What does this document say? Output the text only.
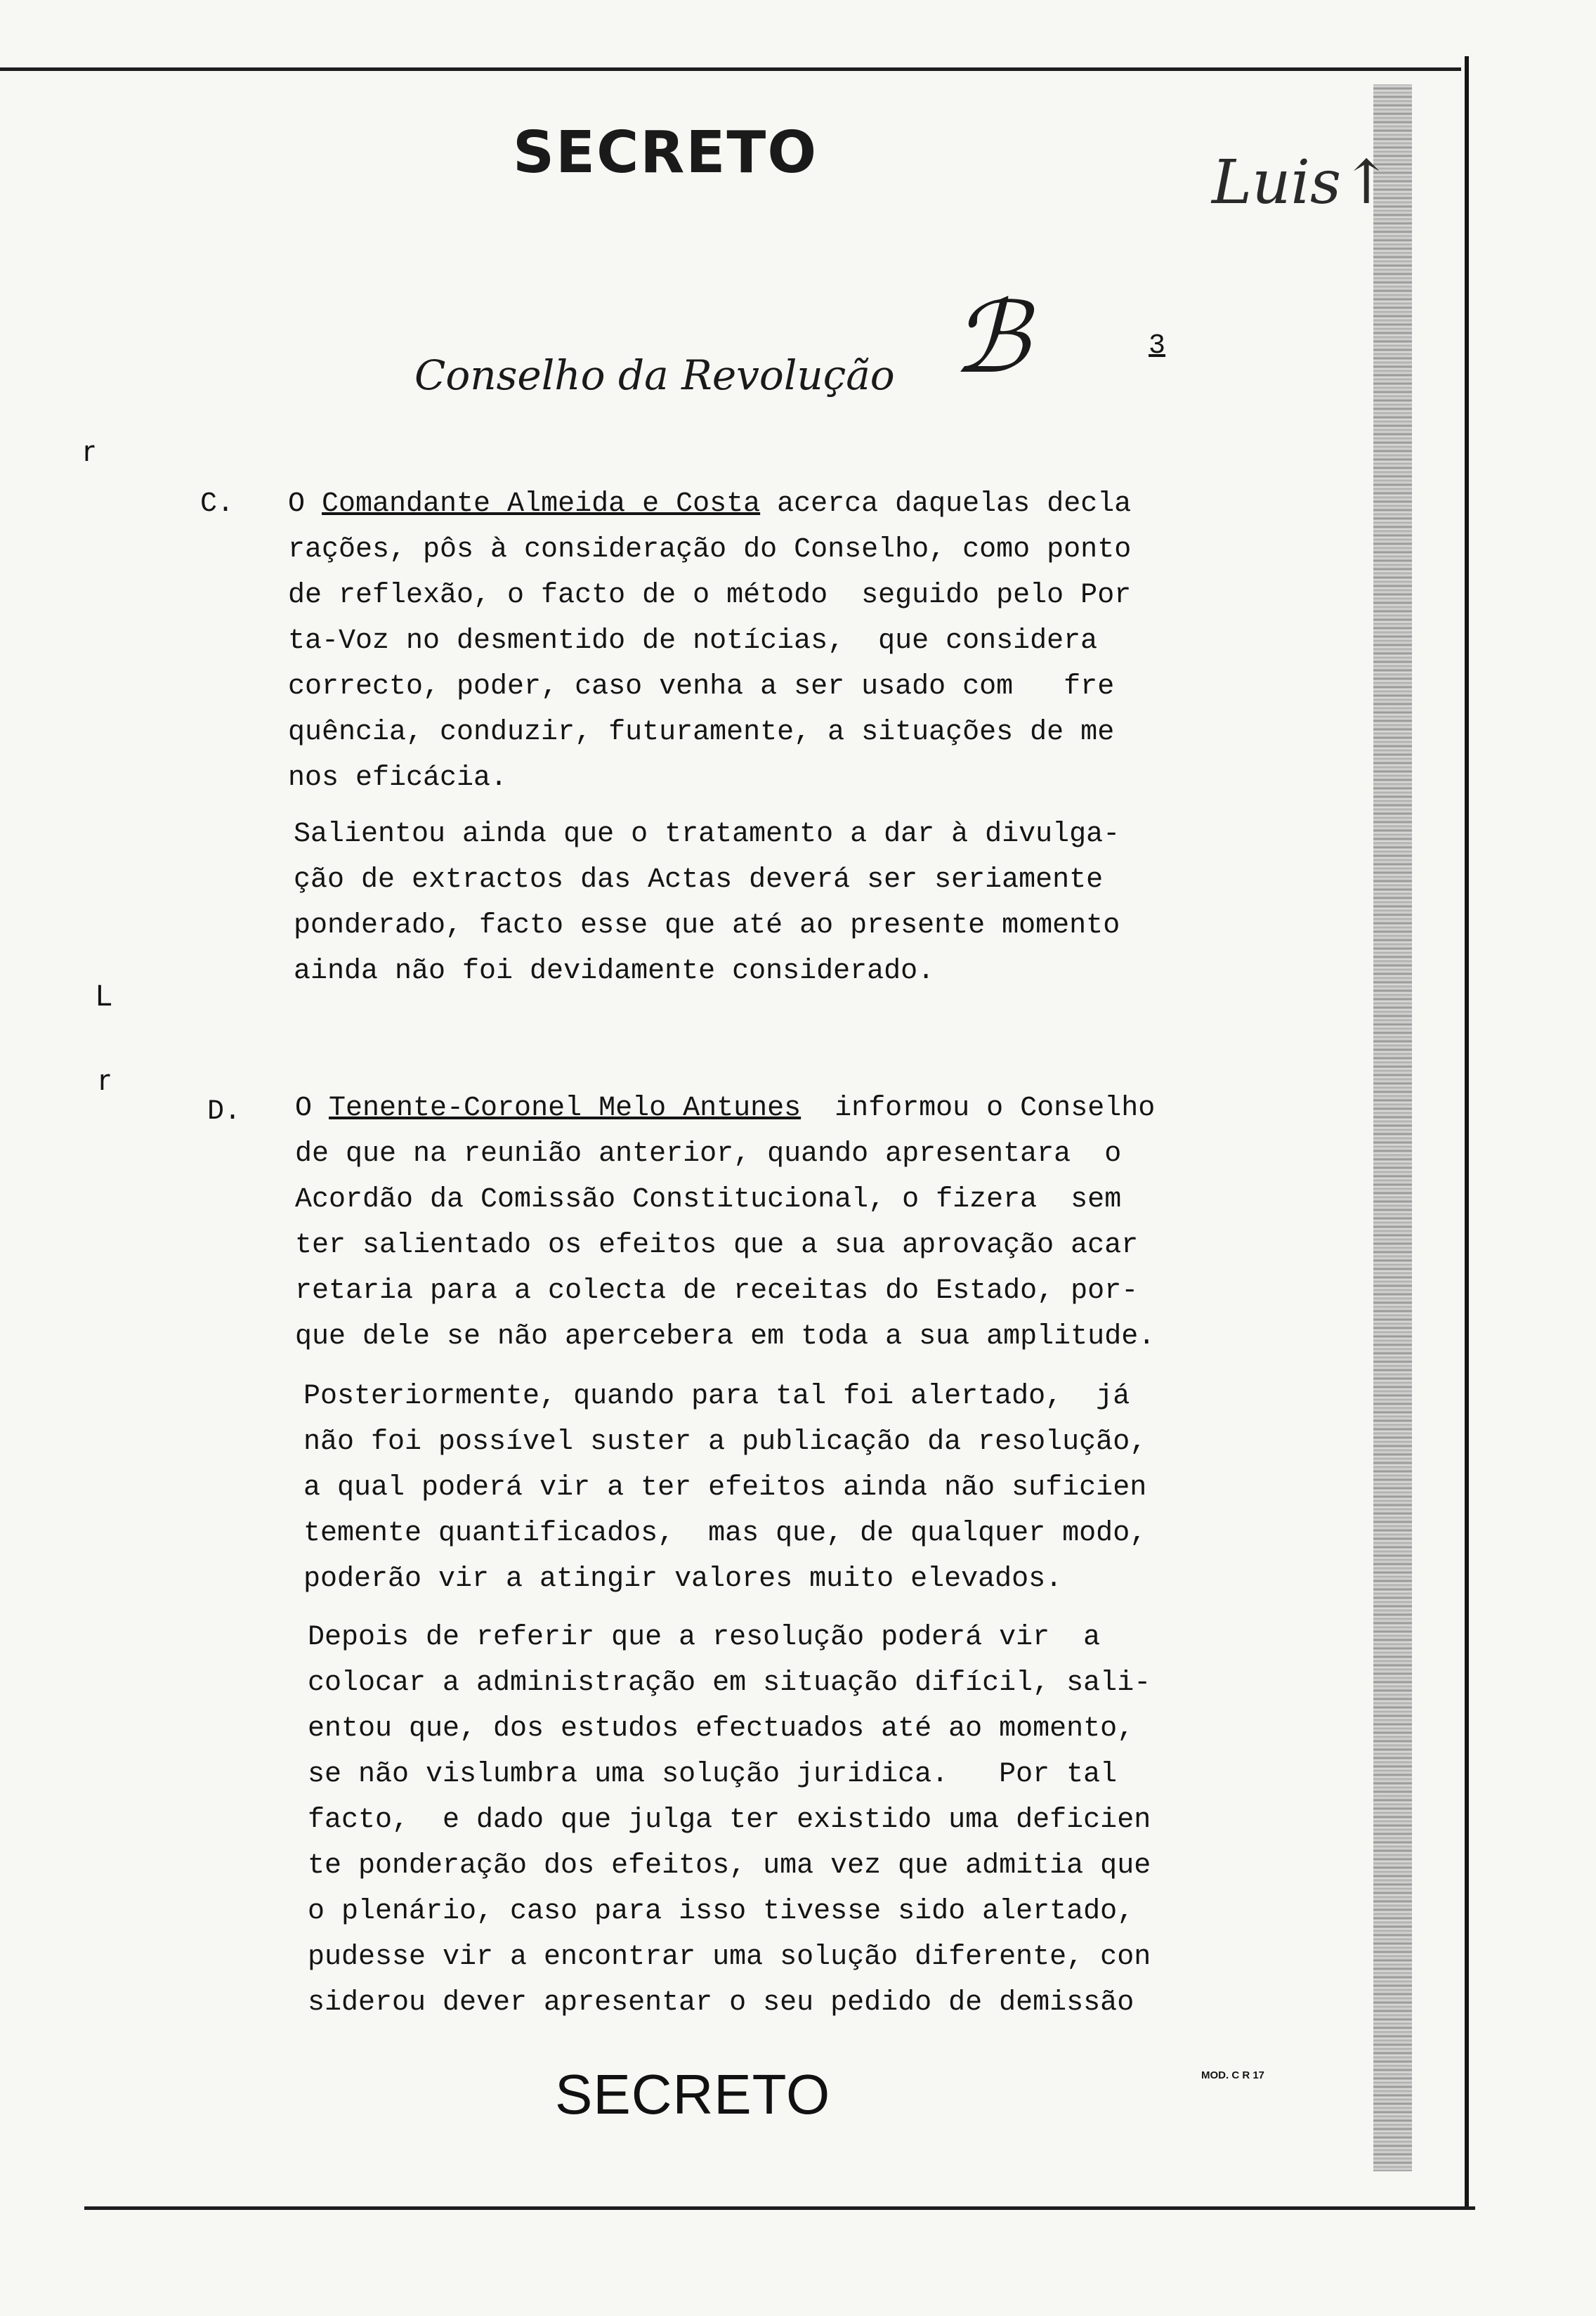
SECRETO	Luis↑
Conselho da Revolução ℬ	3
r
L
r
C. O Comandante Almeida e Costa acerca daquelas decla
rações, pôs à consideração do Conselho, como ponto
de reflexão, o facto de o método  seguido pelo Por
ta-Voz no desmentido de notícias,  que considera
correcto, poder, caso venha a ser usado com   fre
quência, conduzir, futuramente, a situações de me
nos eficácia.

Salientou ainda que o tratamento a dar à divulga-
ção de extractos das Actas deverá ser seriamente
ponderado, facto esse que até ao presente momento
ainda não foi devidamente considerado.

D. O Tenente-Coronel Melo Antunes  informou o Conselho
de que na reunião anterior, quando apresentara  o
Acordão da Comissão Constitucional, o fizera  sem
ter salientado os efeitos que a sua aprovação acar
retaria para a colecta de receitas do Estado, por-
que dele se não apercebera em toda a sua amplitude.

Posteriormente, quando para tal foi alertado,  já
não foi possível suster a publicação da resolução,
a qual poderá vir a ter efeitos ainda não suficien
temente quantificados,  mas que, de qualquer modo,
poderão vir a atingir valores muito elevados.

Depois de referir que a resolução poderá vir  a
colocar a administração em situação difícil, sali-
entou que, dos estudos efectuados até ao momento,
se não vislumbra uma solução juridica.   Por tal
facto,  e dado que julga ter existido uma deficien
te ponderação dos efeitos, uma vez que admitia que
o plenário, caso para isso tivesse sido alertado,
pudesse vir a encontrar uma solução diferente, con
siderou dever apresentar o seu pedido de demissão

SECRETO	MOD. C R 17
